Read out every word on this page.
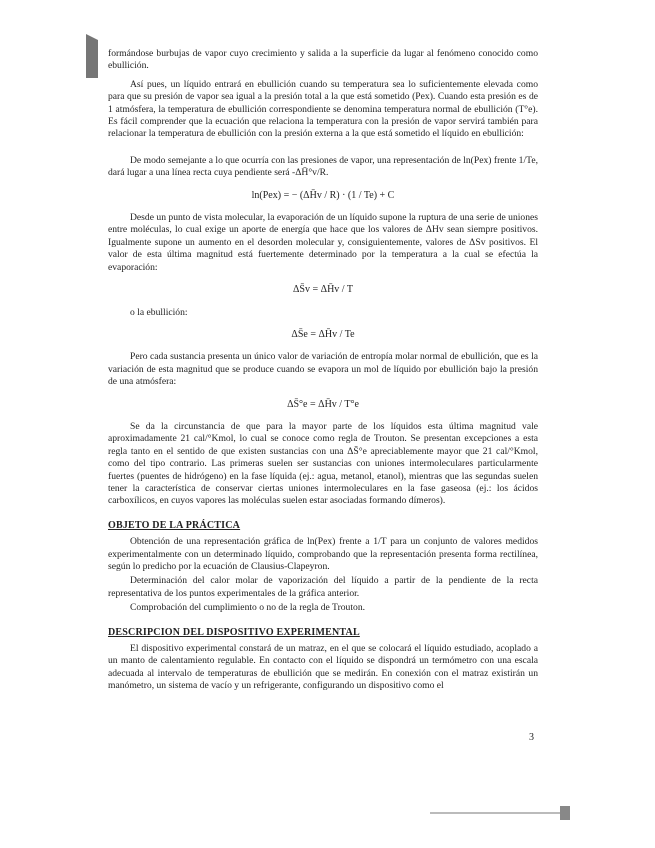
formándose burbujas de vapor cuyo crecimiento y salida a la superficie da lugar al fenómeno conocido como ebullición.

Así pues, un líquido entrará en ebullición cuando su temperatura sea lo suficientemente elevada como para que su presión de vapor sea igual a la presión total a la que está sometido (Pex). Cuando esta presión es de 1 atmósfera, la temperatura de ebullición correspondiente se denomina temperatura normal de ebullición (T°e). Es fácil comprender que la ecuación que relaciona la temperatura con la presión de vapor servirá también para relacionar la temperatura de ebullición con la presión externa a la que está sometido el líquido en ebullición:

De modo semejante a lo que ocurría con las presiones de vapor, una representación de ln(Pex) frente 1/Te, dará lugar a una línea recta cuya pendiente será -ΔH̄°v/R.

ln(Pex) = − (ΔH̄v / R) · (1 / Te) + C

Desde un punto de vista molecular, la evaporación de un líquido supone la ruptura de una serie de uniones entre moléculas, lo cual exige un aporte de energía que hace que los valores de ΔHv sean siempre positivos. Igualmente supone un aumento en el desorden molecular y, consiguientemente, valores de ΔSv positivos. El valor de esta última magnitud está fuertemente determinado por la temperatura a la cual se efectúa la evaporación:

ΔS̄v = ΔH̄v / T
o la ebullición:
ΔS̄e = ΔH̄v / Te

Pero cada sustancia presenta un único valor de variación de entropía molar normal de ebullición, que es la variación de esta magnitud que se produce cuando se evapora un mol de líquido por ebullición bajo la presión de una atmósfera:

ΔS̄°e = ΔH̄v / T°e

Se da la circunstancia de que para la mayor parte de los líquidos esta última magnitud vale aproximadamente 21 cal/°Kmol, lo cual se conoce como regla de Trouton. Se presentan excepciones a esta regla tanto en el sentido de que existen sustancias con una ΔS̄°e apreciablemente mayor que 21 cal/°Kmol, como del tipo contrario. Las primeras suelen ser sustancias con uniones intermoleculares particularmente fuertes (puentes de hidrógeno) en la fase líquida (ej.: agua, metanol, etanol), mientras que las segundas suelen tener la característica de conservar ciertas uniones intermoleculares en la fase gaseosa (ej.: los ácidos carboxílicos, en cuyos vapores las moléculas suelen estar asociadas formando dímeros).

OBJETO DE LA PRÁCTICA

Obtención de una representación gráfica de ln(Pex) frente a 1/T para un conjunto de valores medidos experimentalmente con un determinado líquido, comprobando que la representación presenta forma rectilínea, según lo predicho por la ecuación de Clausius-Clapeyron.

Determinación del calor molar de vaporización del líquido a partir de la pendiente de la recta representativa de los puntos experimentales de la gráfica anterior.

Comprobación del cumplimiento o no de la regla de Trouton.

DESCRIPCION DEL DISPOSITIVO EXPERIMENTAL

El dispositivo experimental constará de un matraz, en el que se colocará el líquido estudiado, acoplado a un manto de calentamiento regulable. En contacto con el líquido se dispondrá un termómetro con una escala adecuada al intervalo de temperaturas de ebullición que se medirán. En conexión con el matraz existirán un manómetro, un sistema de vacío y un refrigerante, configurando un dispositivo como el

3
